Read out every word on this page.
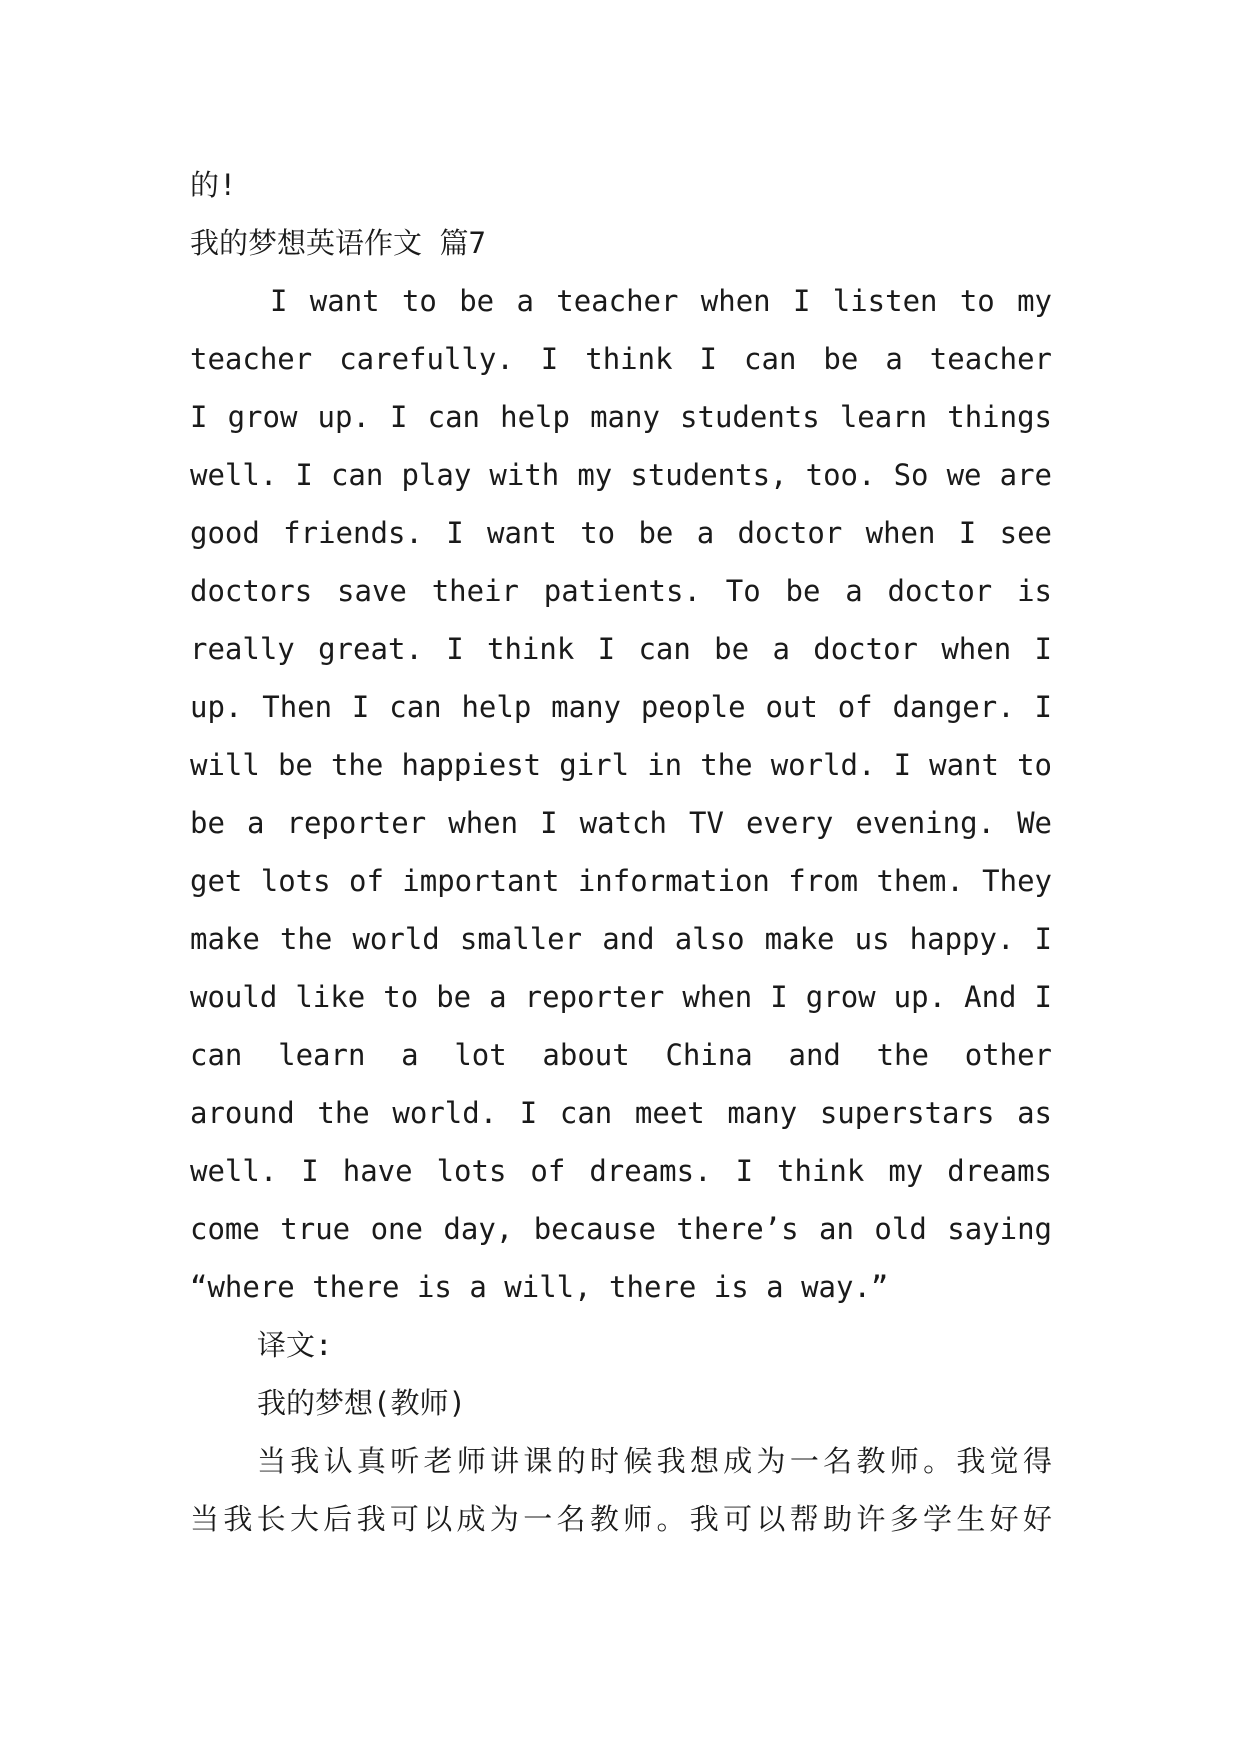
的!
我的梦想英语作文 篇7
I want to be a teacher when I listen to my
teacher carefully. I think I can be a teacher
I grow up. I can help many students learn things
well. I can play with my students, too. So we are
good friends. I want to be a doctor when I see
doctors save their patients. To be a doctor is
really great. I think I can be a doctor when I
up. Then I can help many people out of danger. I
will be the happiest girl in the world. I want to
be a reporter when I watch TV every evening. We
get lots of important information from them. They
make the world smaller and also make us happy. I
would like to be a reporter when I grow up. And I
can learn a lot about China and the other
around the world. I can meet many superstars as
well. I have lots of dreams. I think my dreams
come true one day, because there’s an old saying
“where there is a will, there is a way.”
译文:
我的梦想(教师)
当我认真听老师讲课的时候我想成为一名教师。我觉得
当我长大后我可以成为一名教师。我可以帮助许多学生好好
